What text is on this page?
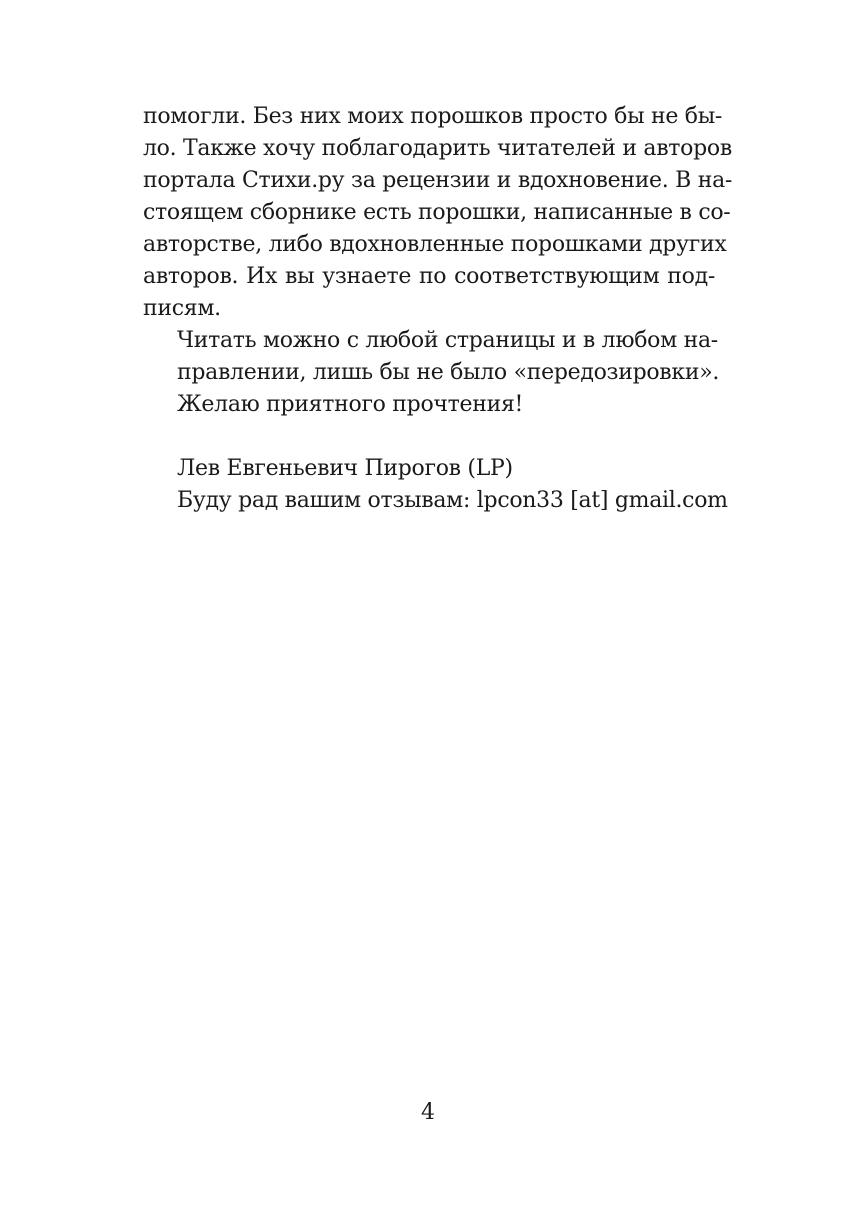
помогли. Без них моих порошков просто бы не бы-
ло. Также хочу поблагодарить читателей и авторов
портала Стихи.ру за рецензии и вдохновение. В на-
стоящем сборнике есть порошки, написанные в со-
авторстве, либо вдохновленные порошками других
авторов. Их вы узнаете по соответствующим под-
писям.
Читать можно с любой страницы и в любом на-
правлении, лишь бы не было «передозировки».
Желаю приятного прочтения!
Лев Евгеньевич Пирогов (LP)
Буду рад вашим отзывам: lpcon33 [at] gmail.com
4
